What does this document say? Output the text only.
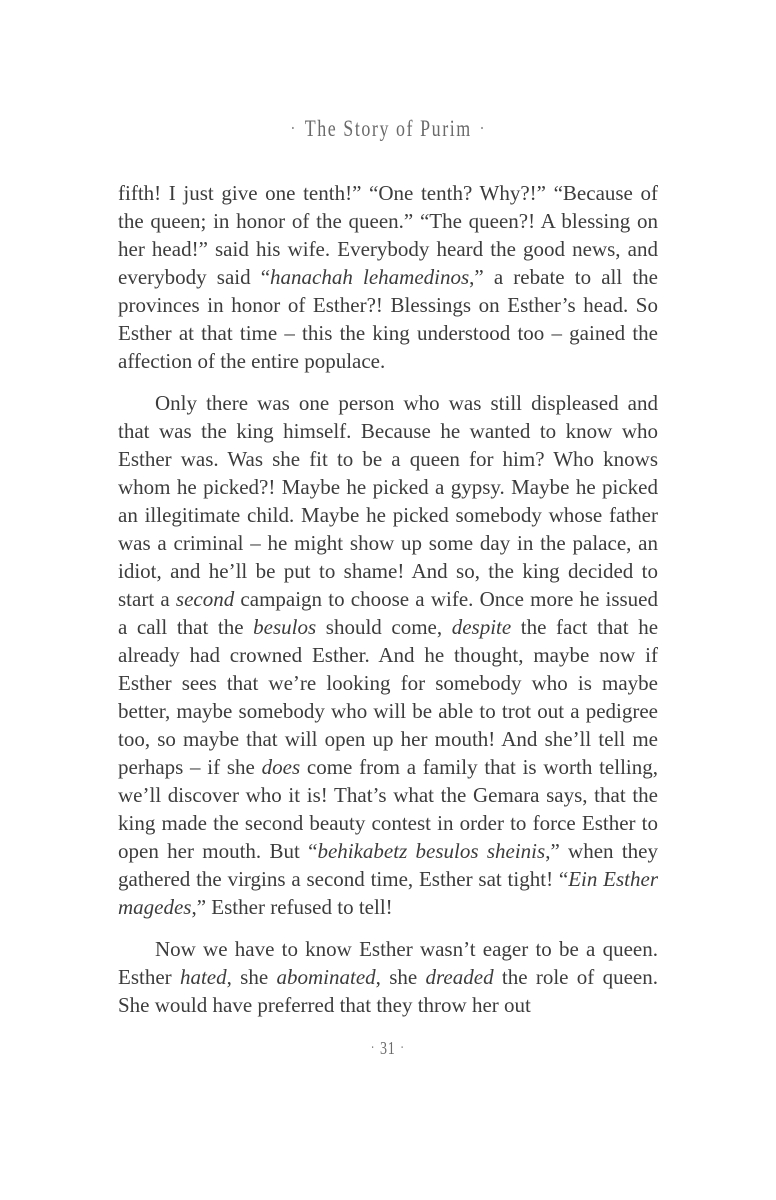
· The Story of Purim ·

fifth! I just give one tenth!” “One tenth? Why?!” “Because of the queen; in honor of the queen.” “The queen?! A blessing on her head!” said his wife. Everybody heard the good news, and everybody said “hanachah lehamedinos,” a rebate to all the provinces in honor of Esther?! Blessings on Esther’s head. So Esther at that time – this the king understood too – gained the affection of the entire populace.

Only there was one person who was still displeased and that was the king himself. Because he wanted to know who Esther was. Was she fit to be a queen for him? Who knows whom he picked?! Maybe he picked a gypsy. Maybe he picked an illegitimate child. Maybe he picked somebody whose father was a criminal – he might show up some day in the palace, an idiot, and he’ll be put to shame! And so, the king decided to start a second campaign to choose a wife. Once more he issued a call that the besulos should come, despite the fact that he already had crowned Esther. And he thought, maybe now if Esther sees that we’re looking for somebody who is maybe better, maybe somebody who will be able to trot out a pedigree too, so maybe that will open up her mouth! And she’ll tell me perhaps – if she does come from a family that is worth telling, we’ll discover who it is! That’s what the Gemara says, that the king made the second beauty contest in order to force Esther to open her mouth. But “behikabetz besulos sheinis,” when they gathered the virgins a second time, Esther sat tight! “Ein Esther magedes,” Esther refused to tell!

Now we have to know Esther wasn’t eager to be a queen. Esther hated, she abominated, she dreaded the role of queen. She would have preferred that they throw her out

· 31 ·
